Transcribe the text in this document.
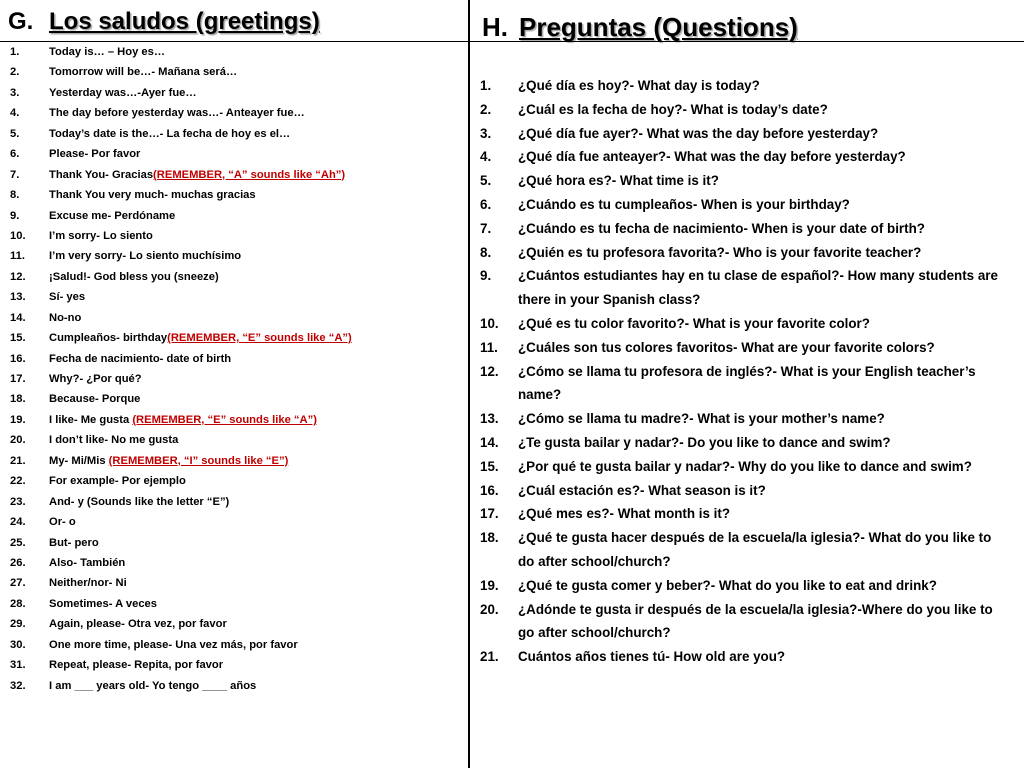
G. Los saludos (greetings)
1.	Today is… – Hoy es…
2.	Tomorrow will be…- Mañana será…
3.	Yesterday was…-Ayer fue…
4.	The day before yesterday was…- Anteayer fue…
5.	Today’s date is the…- La fecha de hoy es el…
6.	Please- Por favor
7.	Thank You- Gracias(REMEMBER, “A” sounds like “Ah”)
8.	Thank You very much- muchas gracias
9.	Excuse me- Perdóname
10. I’m sorry- Lo siento
11. I’m very sorry- Lo siento muchísimo
12. ¡Salud!- God bless you (sneeze)
13. Sí- yes
14. No-no
15. Cumpleaños- birthday(REMEMBER, “E” sounds like “A”)
16. Fecha de nacimiento- date of birth
17. Why?- ¿Por qué?
18. Because- Porque
19. I like- Me gusta (REMEMBER, “E” sounds like “A”)
20. I don’t like- No me gusta
21. My- Mi/Mis (REMEMBER, “I” sounds like “E”)
22. For example- Por ejemplo
23. And- y (Sounds like the letter “E”)
24. Or- o
25. But- pero
26. Also- También
27. Neither/nor- Ni
28. Sometimes- A veces
29. Again, please- Otra vez, por favor
30. One more time, please- Una vez más, por favor
31. Repeat, please- Repita, por favor
32. I am ___ years old- Yo tengo ____ años
H. Preguntas (Questions)
1. ¿Qué día es hoy?- What day is today?
2. ¿Cuál es la fecha de hoy?- What is today’s date?
3. ¿Qué día fue ayer?- What was the day before yesterday?
4. ¿Qué día fue anteayer?- What was the day before yesterday?
5. ¿Qué hora es?- What time is it?
6. ¿Cuándo es tu cumpleaños- When is your birthday?
7. ¿Cuándo es tu fecha de nacimiento- When is your date of birth?
8. ¿Quién es tu profesora favorita?- Who is your favorite teacher?
9. ¿Cuántos estudiantes hay en tu clase de español?- How many students are there in your Spanish class?
10. ¿Qué es tu color favorito?- What is your favorite color?
11. ¿Cuáles son tus colores favoritos- What are your favorite colors?
12. ¿Cómo se llama tu profesora de inglés?- What is your English teacher’s name?
13. ¿Cómo se llama tu madre?- What is your mother’s name?
14. ¿Te gusta bailar y nadar?- Do you like to dance and swim?
15. ¿Por qué te gusta bailar y nadar?- Why do you like to dance and swim?
16. ¿Cuál estación es?- What season is it?
17. ¿Qué mes es?- What month is it?
18. ¿Qué te gusta hacer después de la escuela/la iglesia?- What do you like to do after school/church?
19. ¿Qué te gusta comer y beber?- What do you like to eat and drink?
20. ¿Adónde te gusta ir después de la escuela/la iglesia?-Where do you like to go after school/church?
21. Cuántos años tienes tú- How old are you?
